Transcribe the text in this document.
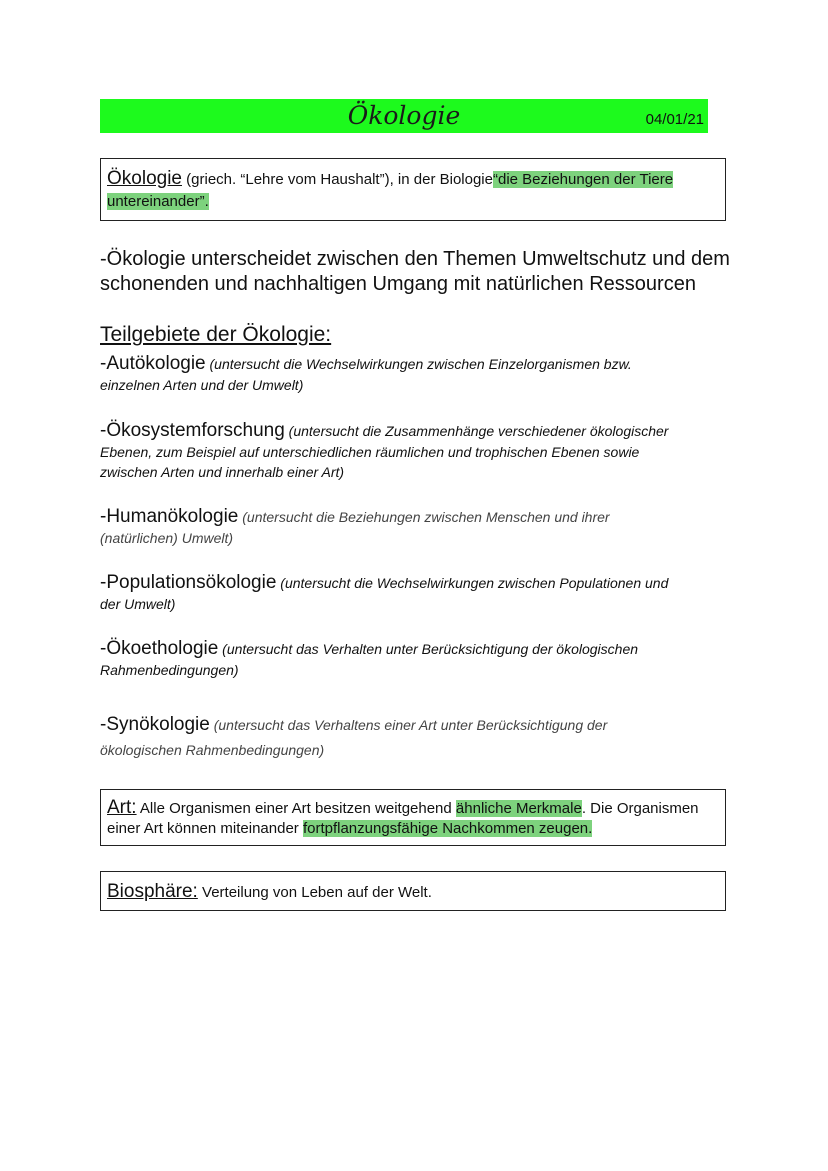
Ökologie	04/01/21
Ökologie (griech. “Lehre vom Haushalt”), in der Biologie“die Beziehungen der Tiere
untereinander”.
-Ökologie unterscheidet zwischen den Themen Umweltschutz und dem
schonenden und nachhaltigen Umgang mit natürlichen Ressourcen
Teilgebiete der Ökologie:
-Autökologie (untersucht die Wechselwirkungen zwischen Einzelorganismen bzw.
einzelnen Arten und der Umwelt)
-Ökosystemforschung (untersucht die Zusammenhänge verschiedener ökologischer
Ebenen, zum Beispiel auf unterschiedlichen räumlichen und trophischen Ebenen sowie
zwischen Arten und innerhalb einer Art)
-Humanökologie (untersucht die Beziehungen zwischen Menschen und ihrer
(natürlichen) Umwelt)
-Populationsökologie (untersucht die Wechselwirkungen zwischen Populationen und
der Umwelt)
-Ökoethologie (untersucht das Verhalten unter Berücksichtigung der ökologischen
Rahmenbedingungen)
-Synökologie (untersucht das Verhaltens einer Art unter Berücksichtigung der
ökologischen Rahmenbedingungen)
Art: Alle Organismen einer Art besitzen weitgehend ähnliche Merkmale. Die Organismen
einer Art können miteinander fortpflanzungsfähige Nachkommen zeugen.
Biosphäre: Verteilung von Leben auf der Welt.
